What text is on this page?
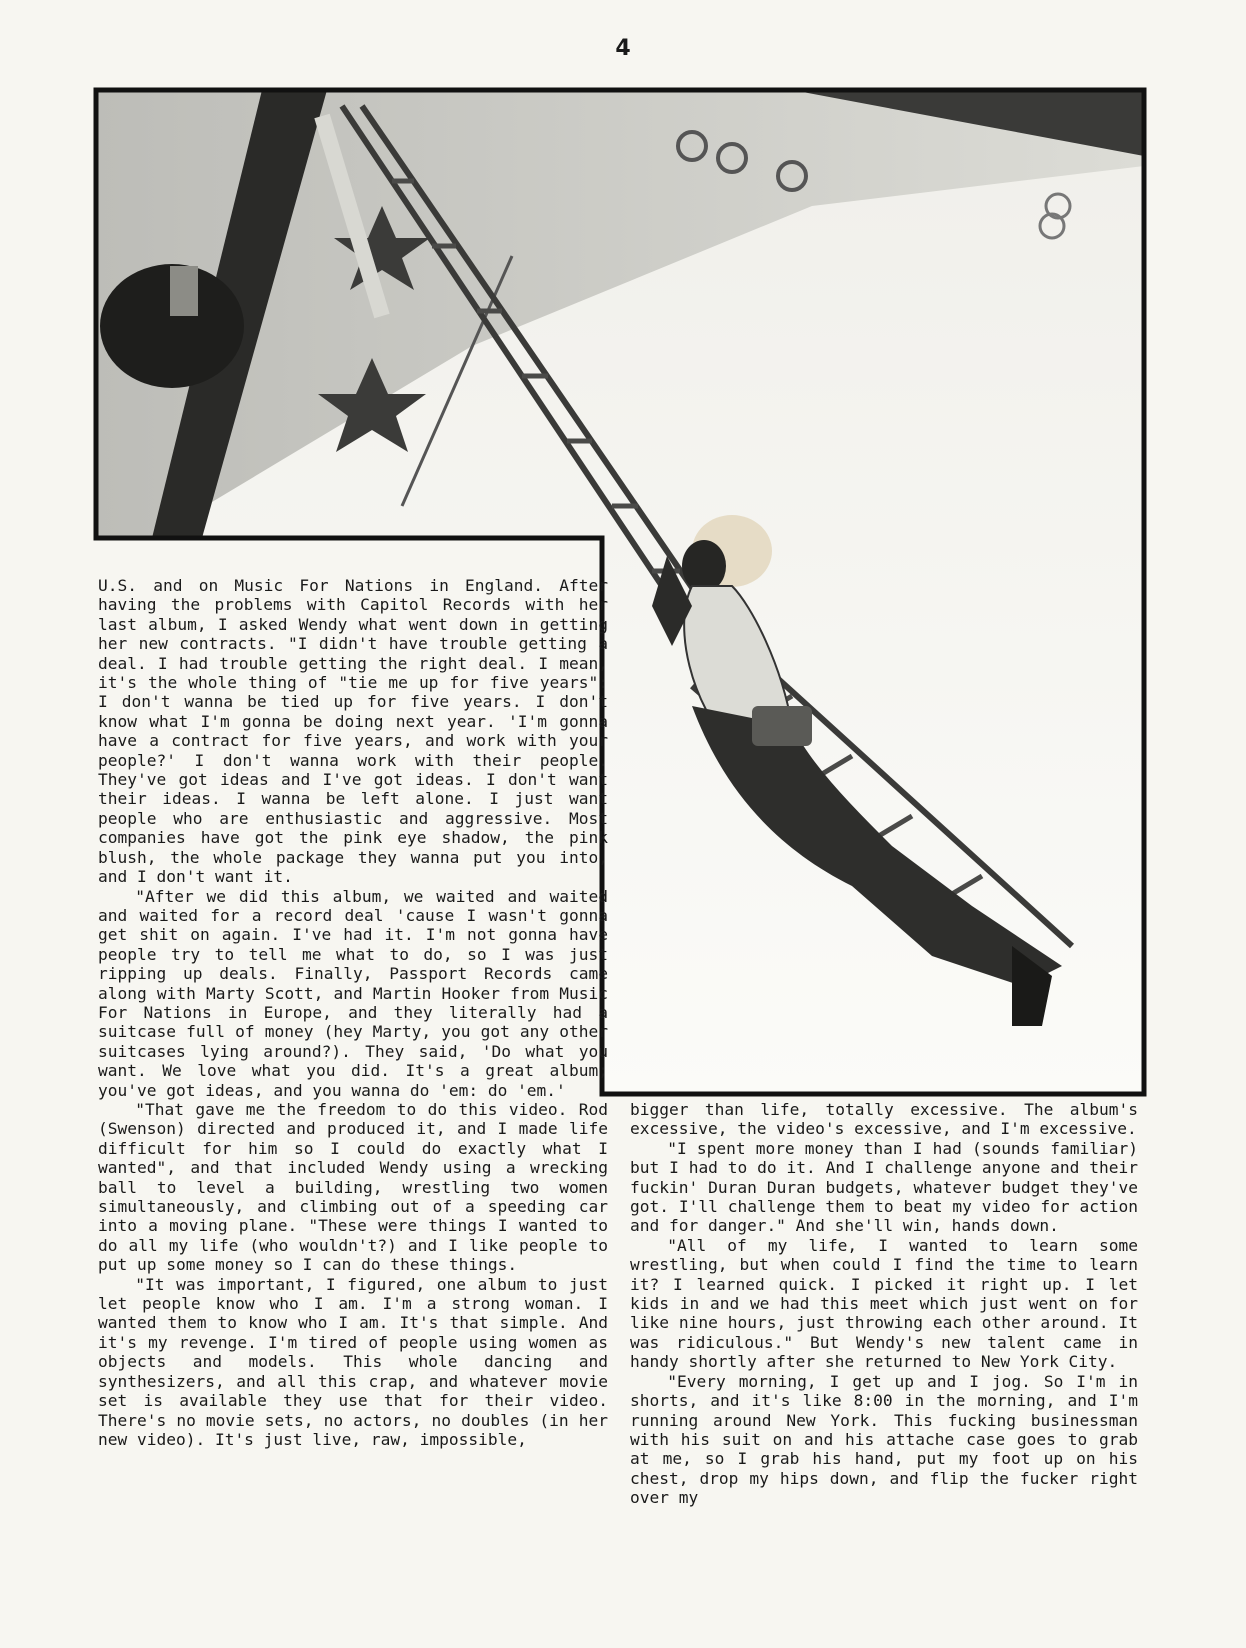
4

U.S. and on Music For Nations in England. After having the problems with Capitol Records with her last album, I asked Wendy what went down in getting her new contracts. "I didn't have trouble getting a deal. I had trouble getting the right deal. I mean, it's the whole thing of "tie me up for five years": I don't wanna be tied up for five years. I don't know what I'm gonna be doing next year. 'I'm gonna have a contract for five years, and work with your people?' I don't wanna work with their people. They've got ideas and I've got ideas. I don't want their ideas. I wanna be left alone. I just want people who are enthusiastic and aggressive. Most companies have got the pink eye shadow, the pink blush, the whole package they wanna put you into, and I don't want it.

"After we did this album, we waited and waited and waited for a record deal 'cause I wasn't gonna get shit on again. I've had it. I'm not gonna have people try to tell me what to do, so I was just ripping up deals. Finally, Passport Records came along with Marty Scott, and Martin Hooker from Music For Nations in Europe, and they literally had a suitcase full of money (hey Marty, you got any other suitcases lying around?). They said, 'Do what you want. We love what you did. It's a great album; you've got ideas, and you wanna do 'em: do 'em.'

"That gave me the freedom to do this video. Rod (Swenson) directed and produced it, and I made life difficult for him so I could do exactly what I wanted", and that included Wendy using a wrecking ball to level a building, wrestling two women simultaneously, and climbing out of a speeding car into a moving plane. "These were things I wanted to do all my life (who wouldn't?) and I like people to put up some money so I can do these things.

"It was important, I figured, one album to just let people know who I am. I'm a strong woman. I wanted them to know who I am. It's that simple. And it's my revenge. I'm tired of people using women as objects and models. This whole dancing and synthesizers, and all this crap, and whatever movie set is available they use that for their video. There's no movie sets, no actors, no doubles (in her new video). It's just live, raw, impossible,

bigger than life, totally excessive. The album's excessive, the video's excessive, and I'm excessive.

"I spent more money than I had (sounds familiar) but I had to do it. And I challenge anyone and their fuckin' Duran Duran budgets, whatever budget they've got. I'll challenge them to beat my video for action and for danger." And she'll win, hands down.

"All of my life, I wanted to learn some wrestling, but when could I find the time to learn it? I learned quick. I picked it right up. I let kids in and we had this meet which just went on for like nine hours, just throwing each other around. It was ridiculous." But Wendy's new talent came in handy shortly after she returned to New York City.

"Every morning, I get up and I jog. So I'm in shorts, and it's like 8:00 in the morning, and I'm running around New York. This fucking businessman with his suit on and his attache case goes to grab at me, so I grab his hand, put my foot up on his chest, drop my hips down, and flip the fucker right over my
